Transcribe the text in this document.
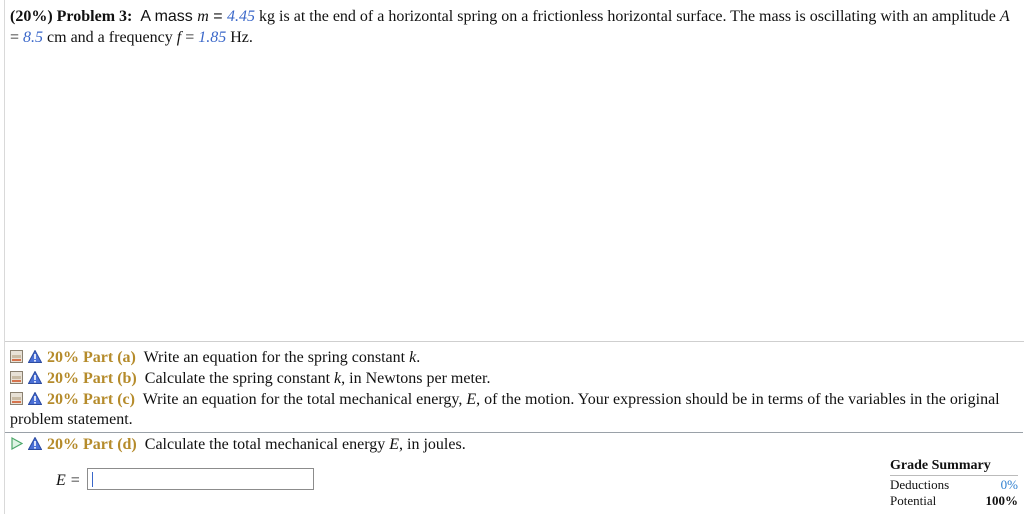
(20%) Problem 3: A mass m = 4.45 kg is at the end of a horizontal spring on a frictionless horizontal surface. The mass is oscillating with an amplitude A = 8.5 cm and a frequency f = 1.85 Hz.
20% Part (a) Write an equation for the spring constant k.
20% Part (b) Calculate the spring constant k, in Newtons per meter.
20% Part (c) Write an equation for the total mechanical energy, E, of the motion. Your expression should be in terms of the variables in the original problem statement.
20% Part (d) Calculate the total mechanical energy E, in joules.
E =
Grade Summary
Deductions	0%
Potential	100%
